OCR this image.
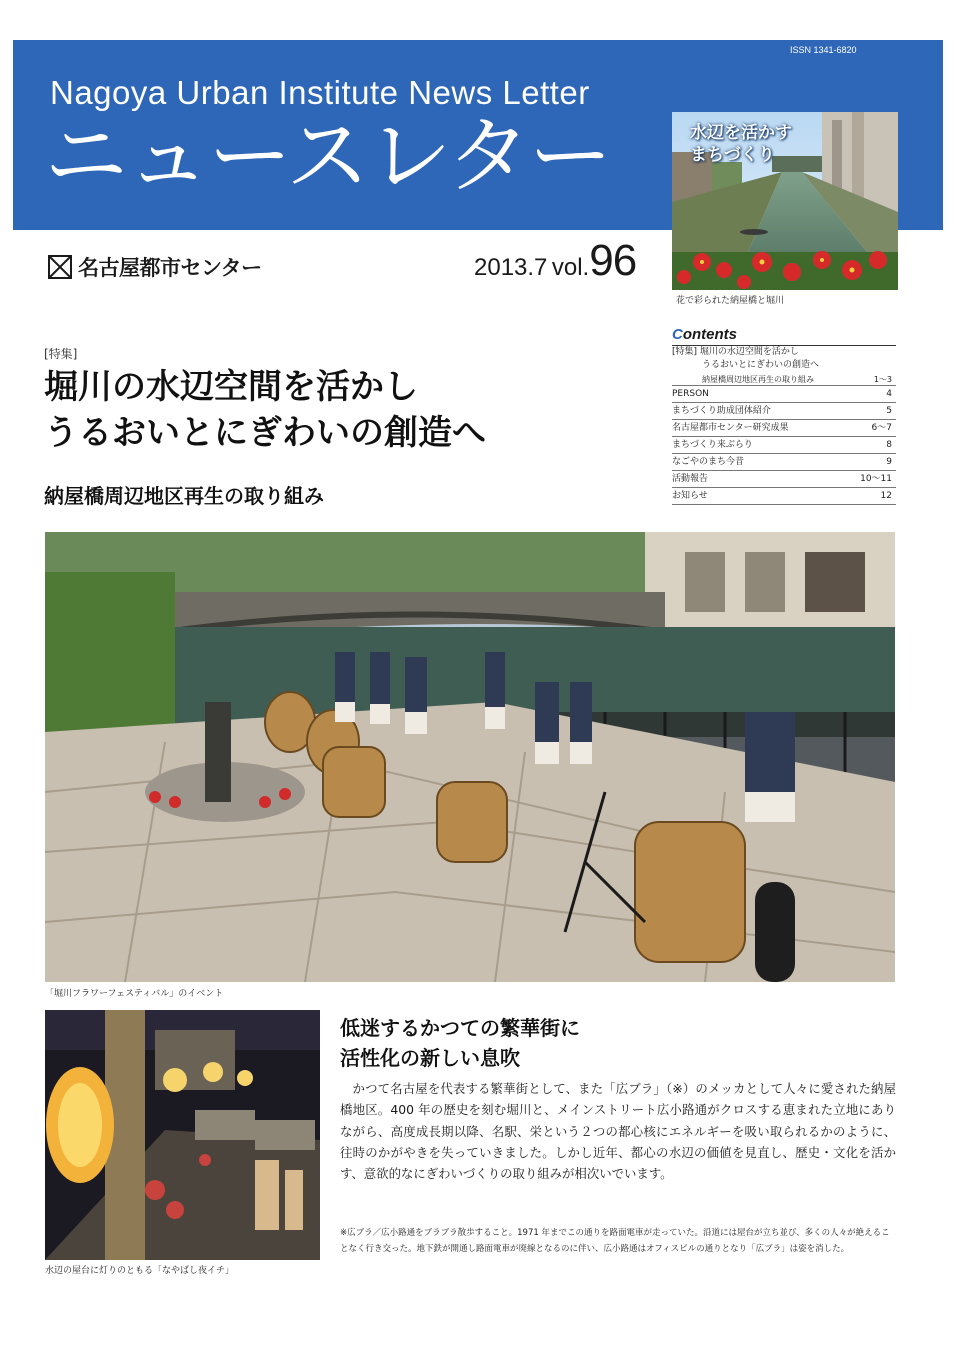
ISSN 1341-6820
Nagoya Urban Institute News Letter
ニュースレター	水辺を活かす
まちづくり
花で彩られた納屋橋と堀川
名古屋都市センター	2013.7 vol.96
[特集]
堀川の水辺空間を活かし
うるおいとにぎわいの創造へ
納屋橋周辺地区再生の取り組み
Contents
[特集] 堀川の水辺空間を活かし
うるおいとにぎわいの創造へ
納屋橋周辺地区再生の取り組み	1～3
PERSON	4
まちづくり助成団体紹介	5
名古屋都市センター研究成果	6～7
まちづくり来ぶらり	8
なごやのまち今昔	9
活動報告	10～11
お知らせ	12
「堀川フラワーフェスティバル」のイベント
水辺の屋台に灯りのともる「なやばし夜イチ」
低迷するかつての繁華街に
活性化の新しい息吹
　かつて名古屋を代表する繁華街として、また「広ブラ」（※）のメッカとして人々に愛された納屋橋地区。400 年の歴史を刻む堀川と、メインストリート広小路通がクロスする恵まれた立地にありながら、高度成長期以降、名駅、栄という２つの都心核にエネルギーを吸い取られるかのように、往時のかがやきを失っていきました。しかし近年、都心の水辺の価値を見直し、歴史・文化を活かす、意欲的なにぎわいづくりの取り組みが相次いでいます。
※広ブラ／広小路通をブラブラ散歩すること。1971 年までこの通りを路面電車が走っていた。沿道には屋台が立ち並び、多くの人々が絶えることなく行き交った。地下鉄が開通し路面電車が廃線となるのに伴い、広小路通はオフィスビルの通りとなり「広ブラ」は姿を消した。
